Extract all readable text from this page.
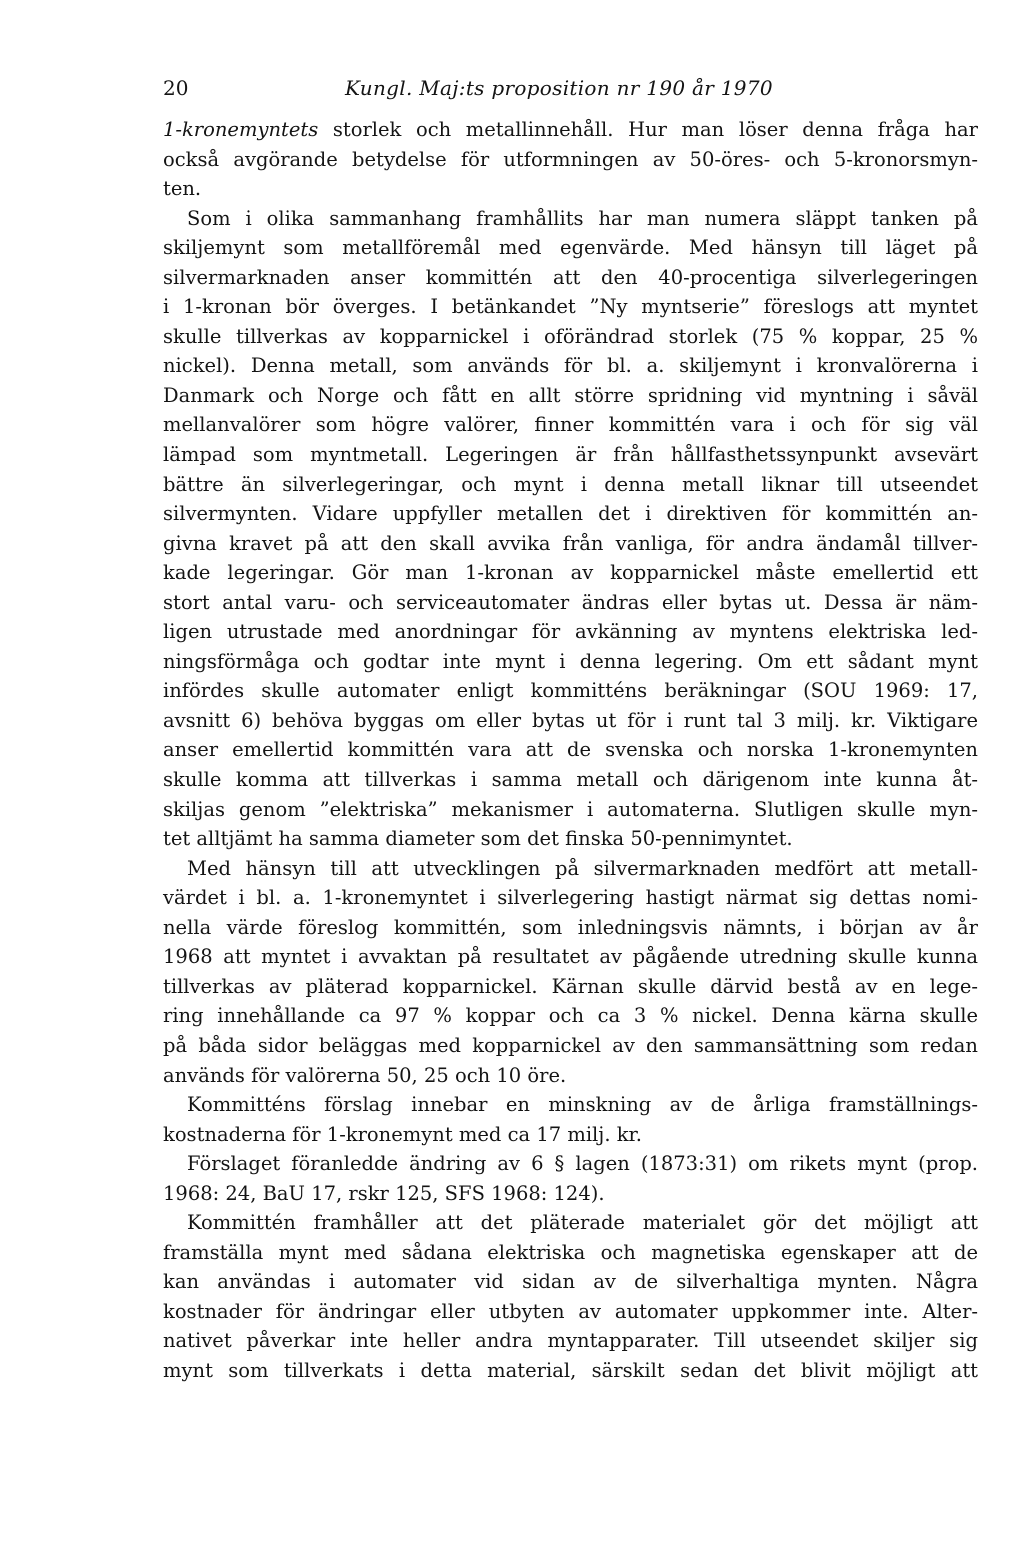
20	Kungl. Maj:ts proposition nr 190 år 1970
1-kronemyntets storlek och metallinnehåll. Hur man löser denna fråga har
också avgörande betydelse för utformningen av 50-öres- och 5-kronorsmyn-
ten.
Som i olika sammanhang framhållits har man numera släppt tanken på
skiljemynt som metallföremål med egenvärde. Med hänsyn till läget på
silvermarknaden anser kommittén att den 40-procentiga silverlegeringen
i 1-kronan bör överges. I betänkandet ”Ny myntserie” föreslogs att myntet
skulle tillverkas av kopparnickel i oförändrad storlek (75 % koppar, 25 %
nickel). Denna metall, som används för bl. a. skiljemynt i kronvalörerna i
Danmark och Norge och fått en allt större spridning vid myntning i såväl
mellanvalörer som högre valörer, finner kommittén vara i och för sig väl
lämpad som myntmetall. Legeringen är från hållfasthetssynpunkt avsevärt
bättre än silverlegeringar, och mynt i denna metall liknar till utseendet
silvermynten. Vidare uppfyller metallen det i direktiven för kommittén an-
givna kravet på att den skall avvika från vanliga, för andra ändamål tillver-
kade legeringar. Gör man 1-kronan av kopparnickel måste emellertid ett
stort antal varu- och serviceautomater ändras eller bytas ut. Dessa är näm-
ligen utrustade med anordningar för avkänning av myntens elektriska led-
ningsförmåga och godtar inte mynt i denna legering. Om ett sådant mynt
infördes skulle automater enligt kommitténs beräkningar (SOU 1969: 17,
avsnitt 6) behöva byggas om eller bytas ut för i runt tal 3 milj. kr. Viktigare
anser emellertid kommittén vara att de svenska och norska 1-kronemynten
skulle komma att tillverkas i samma metall och därigenom inte kunna åt-
skiljas genom ”elektriska” mekanismer i automaterna. Slutligen skulle myn-
tet alltjämt ha samma diameter som det finska 50-pennimyntet.
Med hänsyn till att utvecklingen på silvermarknaden medfört att metall-
värdet i bl. a. 1-kronemyntet i silverlegering hastigt närmat sig dettas nomi-
nella värde föreslog kommittén, som inledningsvis nämnts, i början av år
1968 att myntet i avvaktan på resultatet av pågående utredning skulle kunna
tillverkas av pläterad kopparnickel. Kärnan skulle därvid bestå av en lege-
ring innehållande ca 97 % koppar och ca 3 % nickel. Denna kärna skulle
på båda sidor beläggas med kopparnickel av den sammansättning som redan
används för valörerna 50, 25 och 10 öre.
Kommitténs förslag innebar en minskning av de årliga framställnings-
kostnaderna för 1-kronemynt med ca 17 milj. kr.
Förslaget föranledde ändring av 6 § lagen (1873:31) om rikets mynt (prop.
1968: 24, BaU 17, rskr 125, SFS 1968: 124).
Kommittén framhåller att det pläterade materialet gör det möjligt att
framställa mynt med sådana elektriska och magnetiska egenskaper att de
kan användas i automater vid sidan av de silverhaltiga mynten. Några
kostnader för ändringar eller utbyten av automater uppkommer inte. Alter-
nativet påverkar inte heller andra myntapparater. Till utseendet skiljer sig
mynt som tillverkats i detta material, särskilt sedan det blivit möjligt att
